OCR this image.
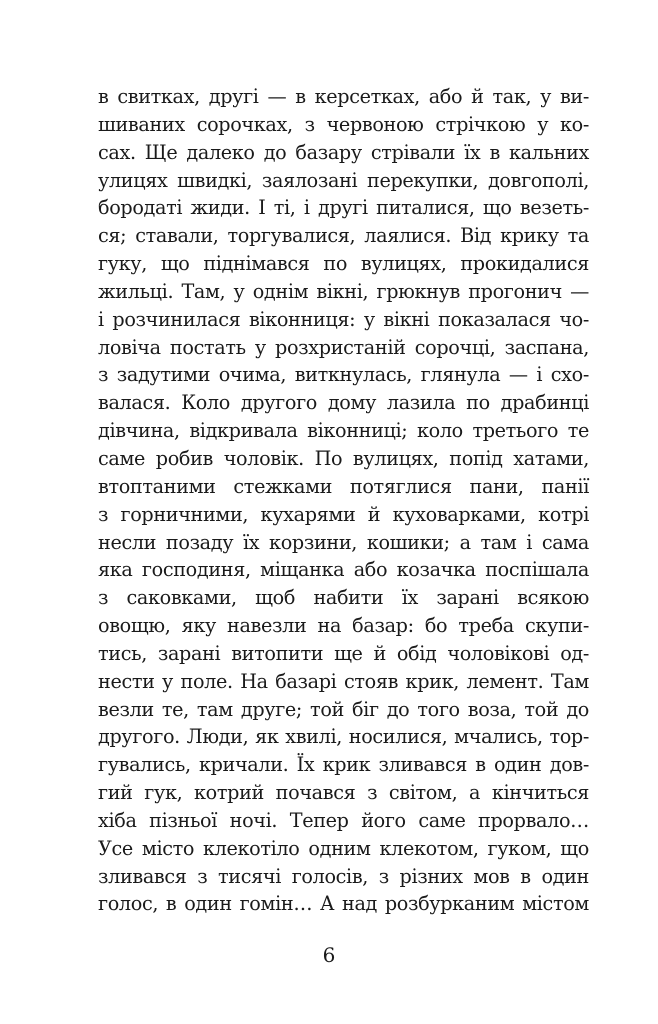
в свитках, другі — в керсетках, або й так, у ви-
шиваних сорочках, з червоною стрічкою у ко-
сах. Ще далеко до базару стрівали їх в кальних
улицях швидкі, заялозані перекупки, довгополі,
бородаті жиди. І ті, і другі питалися, що везеть-
ся; ставали, торгувалися, лаялися. Від крику та
гуку, що піднімався по вулицях, прокидалися
жильці. Там, у однім вікні, грюкнув прогонич —
і розчинилася віконниця: у вікні показалася чо-
ловіча постать у розхристаній сорочці, заспана,
з задутими очима, виткнулась, глянула — і схо-
валася. Коло другого дому лазила по драбинці
дівчина, відкривала віконниці; коло третього те
саме робив чоловік. По вулицях, попід хатами,
втоптаними стежками потяглися пани, панії
з горничними, кухарями й куховарками, котрі
несли позаду їх корзини, кошики; а там і сама
яка господиня, міщанка або козачка поспішала
з саковками, щоб набити їх зарані всякою
овощю, яку навезли на базар: бо треба скупи-
тись, зарані витопити ще й обід чоловікові од-
нести у поле. На базарі стояв крик, лемент. Там
везли те, там друге; той біг до того воза, той до
другого. Люди, як хвилі, носилися, мчались, тор-
гувались, кричали. Їх крик зливався в один дов-
гий гук, котрий почався з світом, а кінчиться
хіба пізньої ночі. Тепер його саме прорвало…
Усе місто клекотіло одним клекотом, гуком, що
зливався з тисячі голосів, з різних мов в один
голос, в один гомін… А над розбурканим містом
6
